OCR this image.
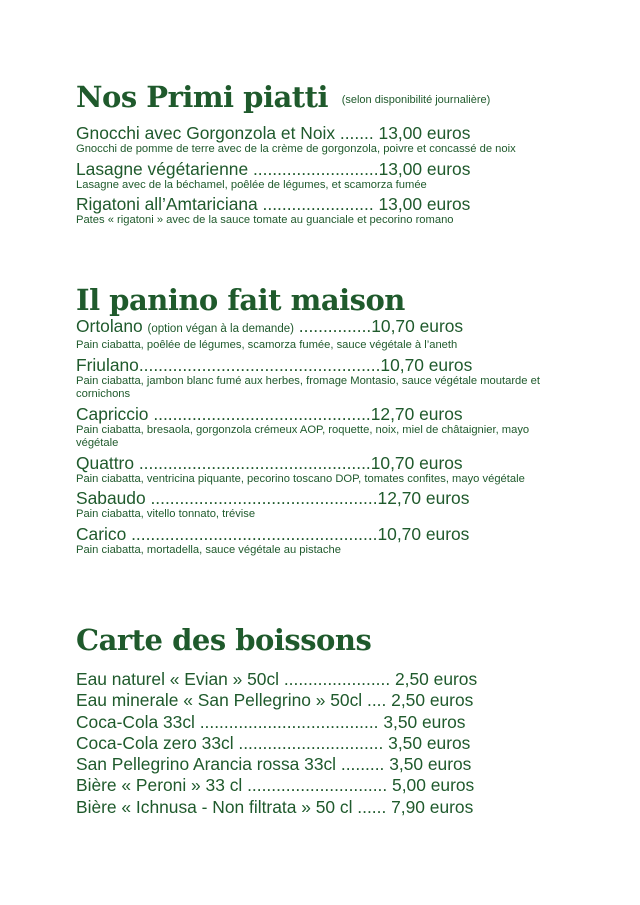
Nos Primi piatti (selon disponibilité journalière)
Gnocchi avec Gorgonzola et Noix ....... 13,00 euros
Gnocchi de pomme de terre avec de la crème de gorgonzola, poivre et concassé de noix
Lasagne végétarienne ..........................13,00 euros
Lasagne avec de la béchamel, poêlée de légumes, et scamorza fumée
Rigatoni all’Amtariciana ....................... 13,00 euros
Pates « rigatoni » avec de la sauce tomate au guanciale et pecorino romano
Il panino fait maison
Ortolano (option végan à la demande) ...............10,70 euros
Pain ciabatta, poêlée de légumes, scamorza fumée, sauce végétale à l’aneth
Friulano..................................................10,70 euros
Pain ciabatta, jambon blanc fumé aux herbes, fromage Montasio, sauce végétale moutarde et cornichons
Capriccio .............................................12,70 euros
Pain ciabatta, bresaola, gorgonzola crémeux AOP, roquette, noix, miel de châtaignier, mayo végétale
Quattro ................................................10,70 euros
Pain ciabatta, ventricina piquante, pecorino toscano DOP, tomates confites, mayo végétale
Sabaudo ...............................................12,70 euros
Pain ciabatta, vitello tonnato, trévise
Carico ...................................................10,70 euros
Pain ciabatta, mortadella, sauce végétale au pistache
Carte des boissons
Eau naturel « Evian » 50cl ...................... 2,50 euros
Eau minerale « San Pellegrino » 50cl .... 2,50 euros
Coca-Cola 33cl ..................................... 3,50 euros
Coca-Cola zero 33cl .............................. 3,50 euros
San Pellegrino Arancia rossa 33cl ......... 3,50 euros
Bière « Peroni » 33 cl ............................. 5,00 euros
Bière « Ichnusa - Non filtrata » 50 cl ...... 7,90 euros
